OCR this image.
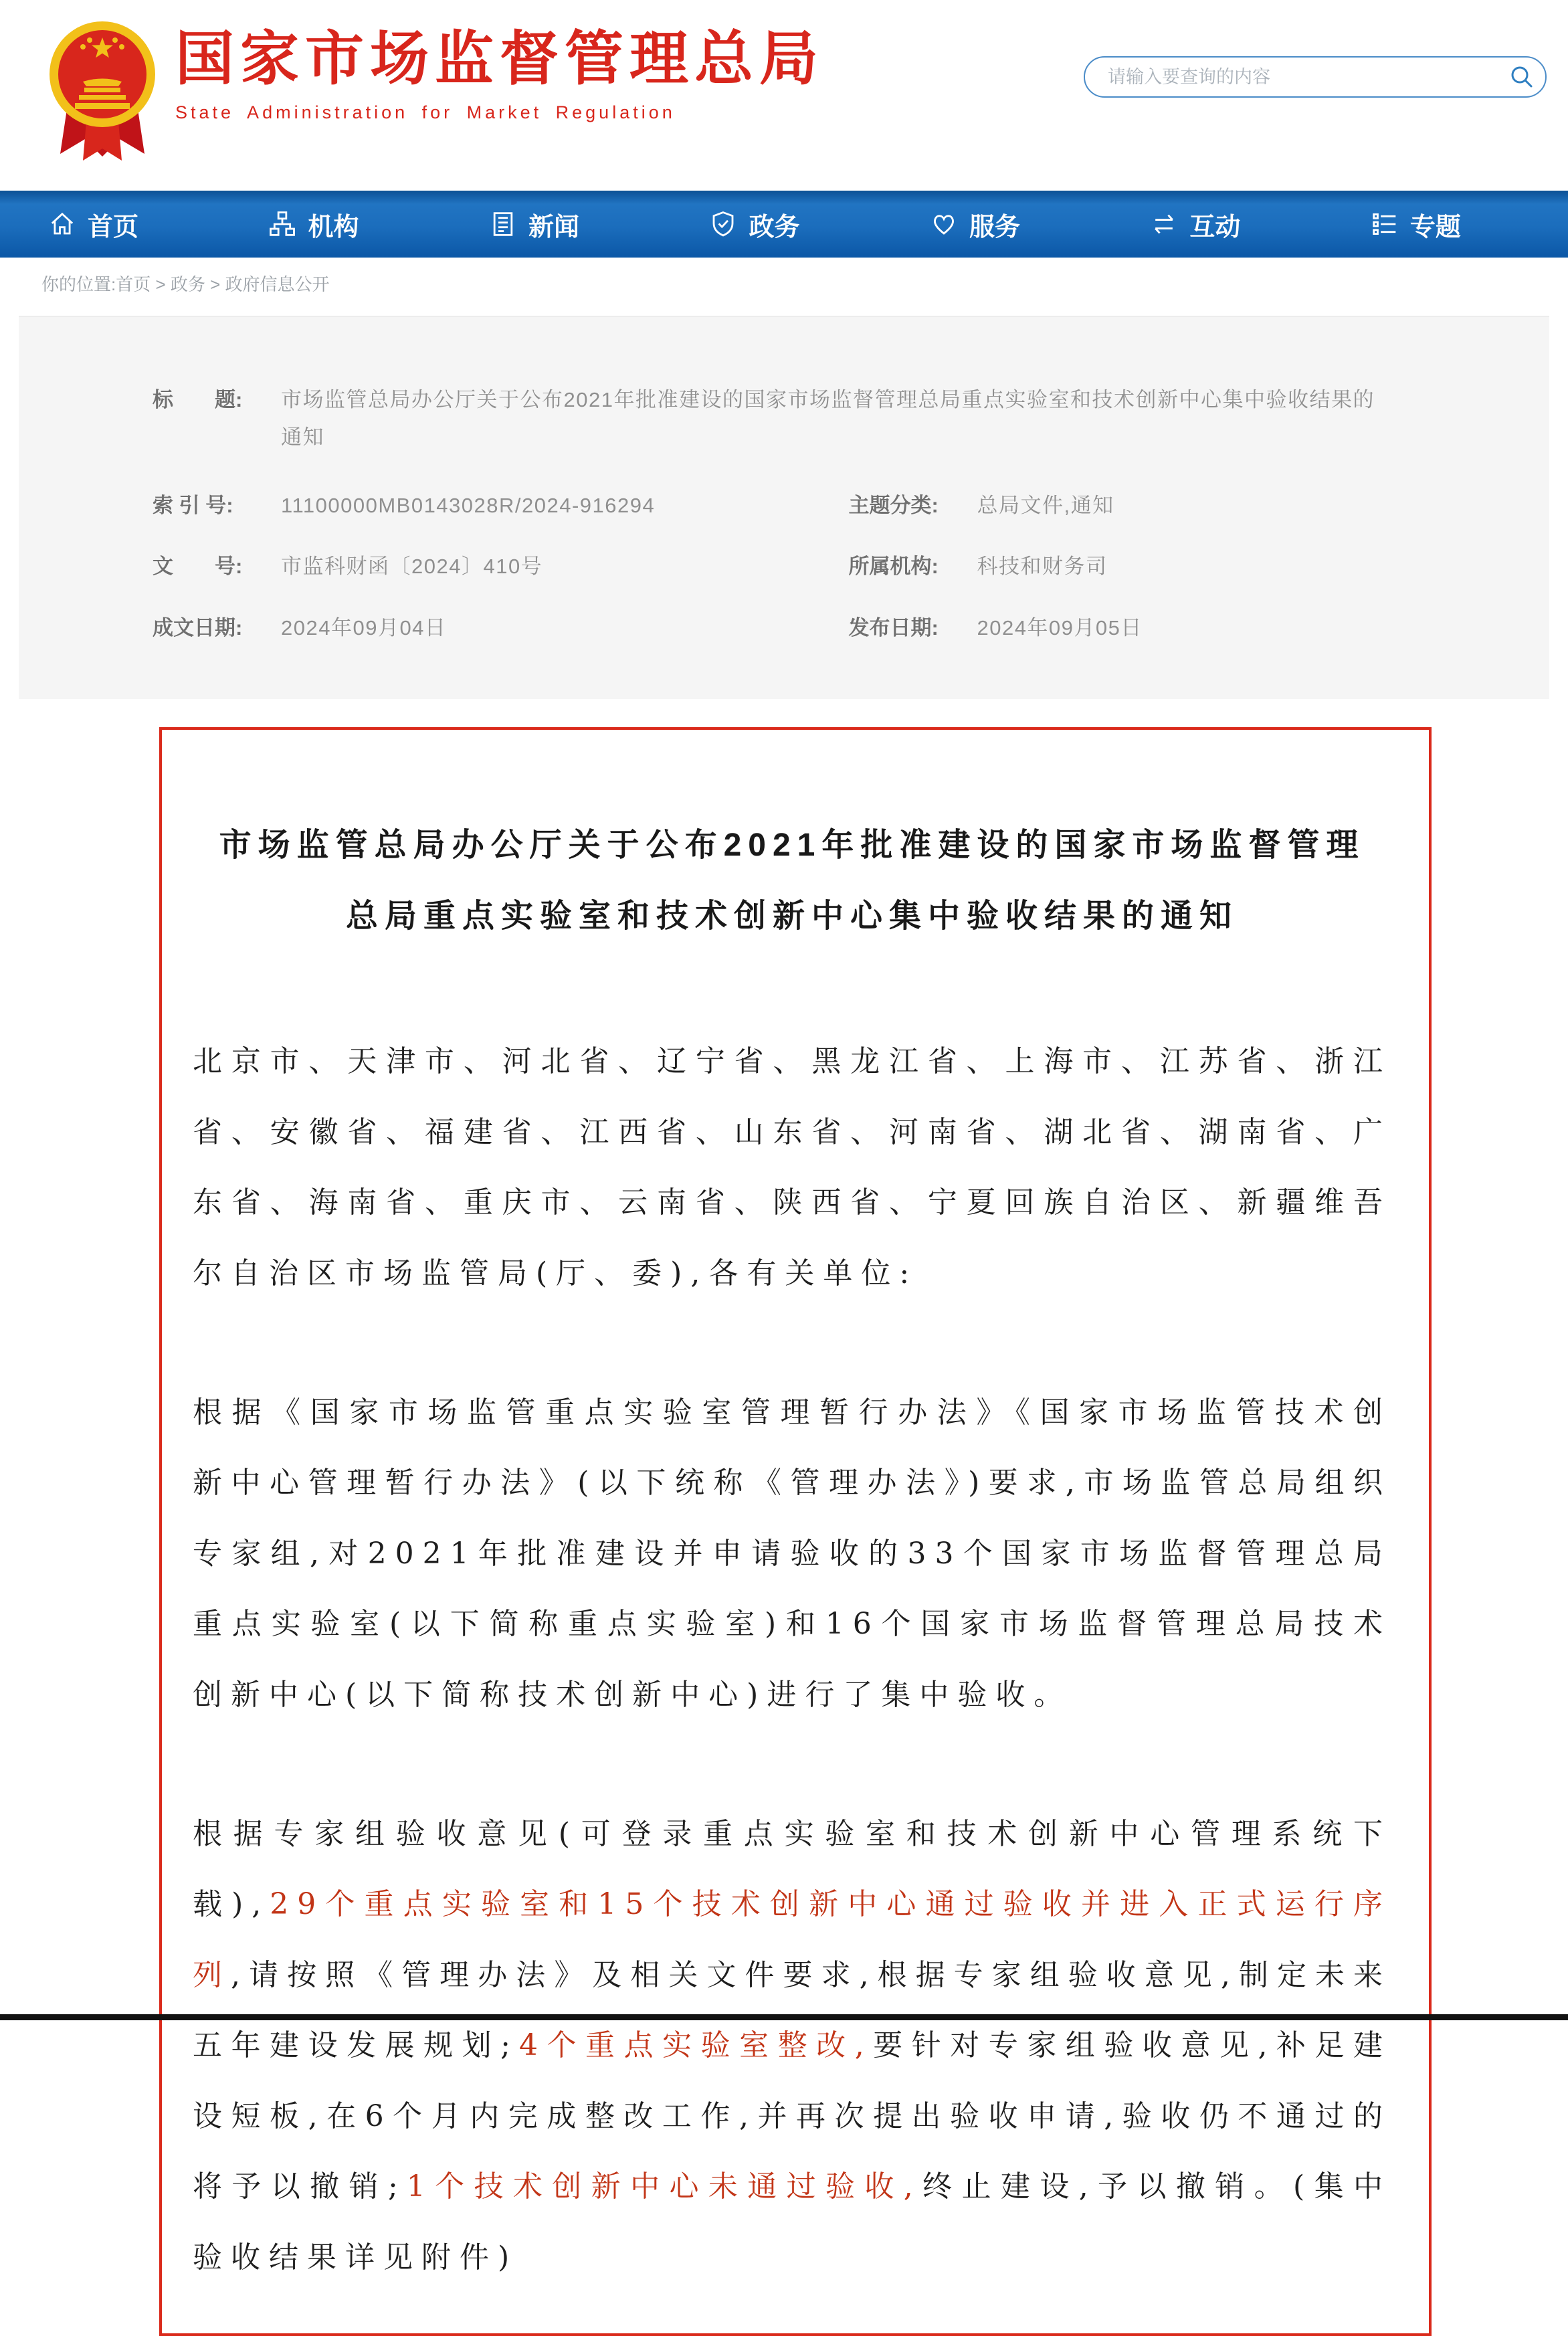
国家市场监督管理总局
State Administration for Market Regulation
请输入要查询的内容
首页	机构	新闻	政务	服务	互动	专题
你的位置:首页 > 政务 > 政府信息公开
标　　题:	市场监管总局办公厅关于公布2021年批准建设的国家市场监督管理总局重点实验室和技术创新中心集中验收结果的通知
索 引 号:	11100000MB0143028R/2024-916294	主题分类:	总局文件,通知
文　　号:	市监科财函〔2024〕410号	所属机构:	科技和财务司
成文日期:	2024年09月04日	发布日期:	2024年09月05日
市场监管总局办公厅关于公布2021年批准建设的国家市场监督管理
总局重点实验室和技术创新中心集中验收结果的通知

北京市、天津市、河北省、辽宁省、黑龙江省、上海市、江苏省、浙江省、安徽省、福建省、江西省、山东省、河南省、湖北省、湖南省、广东省、海南省、重庆市、云南省、陕西省、宁夏回族自治区、新疆维吾尔自治区市场监管局(厅、委),各有关单位:

根据《国家市场监管重点实验室管理暂行办法》《国家市场监管技术创新中心管理暂行办法》(以下统称《管理办法》)要求,市场监管总局组织专家组,对2021年批准建设并申请验收的33个国家市场监督管理总局重点实验室(以下简称重点实验室)和16个国家市场监督管理总局技术创新中心(以下简称技术创新中心)进行了集中验收。

根据专家组验收意见(可登录重点实验室和技术创新中心管理系统下载),29个重点实验室和15个技术创新中心通过验收并进入正式运行序列,请按照《管理办法》及相关文件要求,根据专家组验收意见,制定未来五年建设发展规划;4个重点实验室整改,要针对专家组验收意见,补足建设短板,在6个月内完成整改工作,并再次提出验收申请,验收仍不通过的将予以撤销;1个技术创新中心未通过验收,终止建设,予以撤销。(集中验收结果详见附件)
